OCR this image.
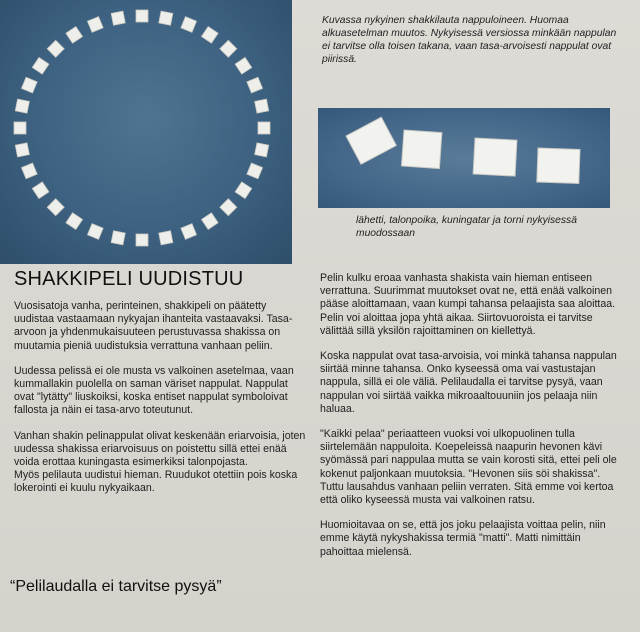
Kuvassa nykyinen shakkilauta nappuloineen. Huomaa alkuasetelman muutos. Nykyisessä versiossa minkään nappulan ei tarvitse olla toisen takana, vaan tasa-arvoisesti nappulat ovat piirissä.
lähetti, talonpoika, kuningatar ja torni nykyisessä muodossaan
SHAKKIPELI UUDISTUU

Vuosisatoja vanha, perinteinen, shakkipeli on päätetty uudistaa vastaamaan nykyajan ihanteita vastaavaksi. Tasa-arvoon ja yhdenmukaisuuteen perustuvassa shakissa on muutamia pieniä uudistuksia verrattuna vanhaan peliin.

Uudessa pelissä ei ole musta vs valkoinen asetelmaa, vaan kummallakin puolella on saman väriset nappulat. Nappulat ovat "lytätty" liuskoiksi, koska entiset nappulat symboloivat fallosta ja näin ei tasa-arvo toteutunut.

Vanhan shakin pelinappulat olivat keskenään eriarvoisia, joten uudessa shakissa eriarvoisuus on poistettu sillä ettei enää voida erottaa kuningasta esimerkiksi talonpojasta.
Myös pelilauta uudistui hieman. Ruudukot otettiin pois koska lokerointi ei kuulu nykyaikaan.

Pelin kulku eroaa vanhasta shakista vain hieman entiseen verrattuna. Suurimmat muutokset ovat ne, että enää valkoinen pääse aloittamaan, vaan kumpi tahansa pelaajista saa aloittaa. Pelin voi aloittaa jopa yhtä aikaa. Siirtovuoroista ei tarvitse välittää sillä yksilön rajoittaminen on kiellettyä.

Koska nappulat ovat tasa-arvoisia, voi minkä tahansa nappulan siirtää minne tahansa. Onko kyseessä oma vai vastustajan nappula, sillä ei ole väliä. Pelilaudalla ei tarvitse pysyä, vaan nappulan voi siirtää vaikka mikroaaltouuniin jos pelaaja niin haluaa.

"Kaikki pelaa" periaatteen vuoksi voi ulkopuolinen tulla siirtelemään nappuloita. Koepeleissä naapurin hevonen kävi syömässä pari nappulaa mutta se vain korosti sitä, ettei peli ole kokenut paljonkaan muutoksia. "Hevonen siis söi shakissa". Tuttu lausahdus vanhaan peliin verraten. Sitä emme voi kertoa että oliko kyseessä musta vai valkoinen ratsu.

Huomioitavaa on se, että jos joku pelaajista voittaa pelin, niin emme käytä nykyshakissa termiä "matti". Matti nimittäin pahoittaa mielensä.

“Pelilaudalla ei tarvitse pysyä”
